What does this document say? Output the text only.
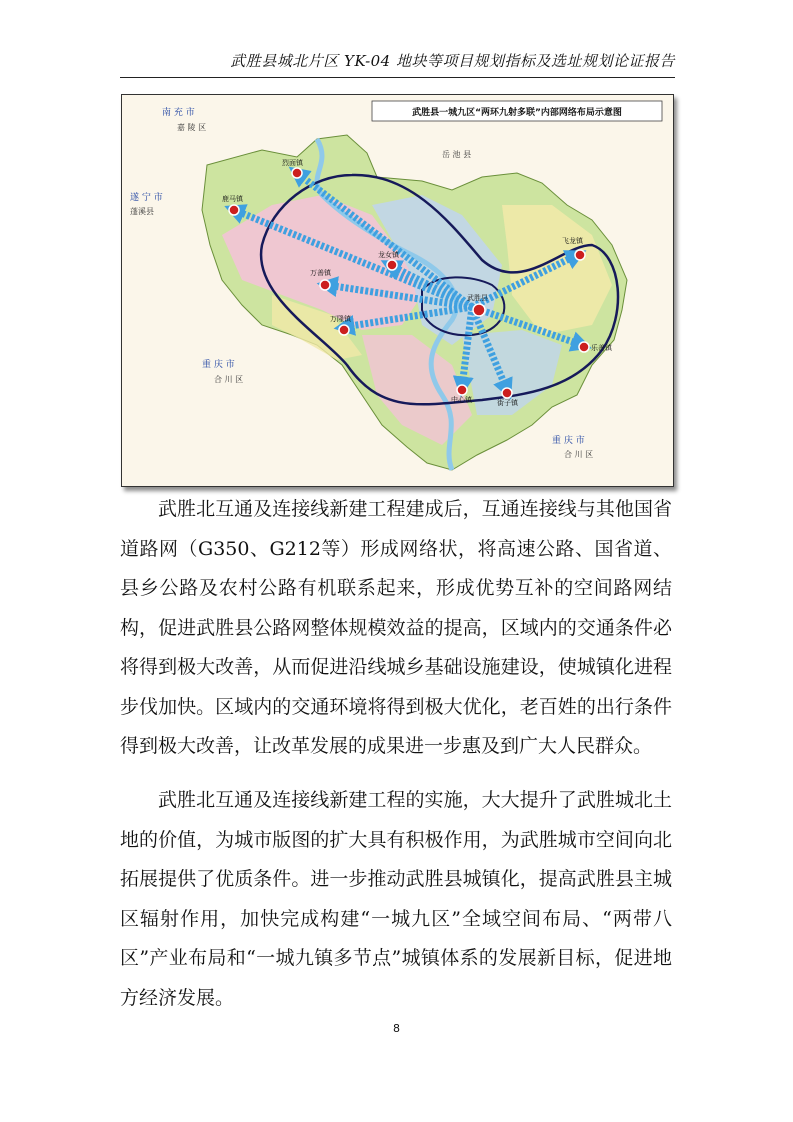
武胜县城北片区 YK-04 地块等项目规划指标及选址规划论证报告
烈面镇
鹿马镇
龙女镇
飞龙镇
万善镇
武胜县
万隆镇
乐善镇
中心镇	街子镇
南 充 市
嘉 陵 区
遂 宁 市
蓬溪县
岳 池 县
重 庆 市
合 川 区
重 庆 市
合 川 区
武胜县一城九区“两环九射多联”内部网络布局示意图

武胜北互通及连接线新建工程建成后，互通连接线与其他国省道路网（G350、G212等）形成网络状，将高速公路、国省道、县乡公路及农村公路有机联系起来，形成优势互补的空间路网结构，促进武胜县公路网整体规模效益的提高，区域内的交通条件必将得到极大改善，从而促进沿线城乡基础设施建设，使城镇化进程步伐加快。区域内的交通环境将得到极大优化，老百姓的出行条件得到极大改善，让改革发展的成果进一步惠及到广大人民群众。

武胜北互通及连接线新建工程的实施，大大提升了武胜城北土地的价值，为城市版图的扩大具有积极作用，为武胜城市空间向北拓展提供了优质条件。进一步推动武胜县城镇化，提高武胜县主城区辐射作用，加快完成构建“一城九区”全域空间布局、“两带八区”产业布局和“一城九镇多节点”城镇体系的发展新目标，促进地方经济发展。

8
